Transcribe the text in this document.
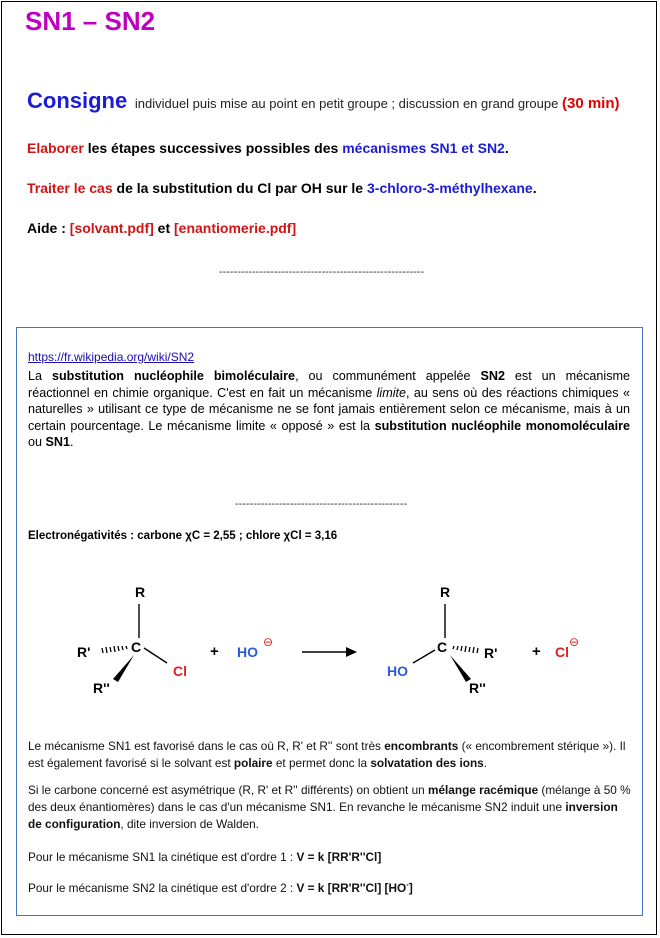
SN1 – SN2
Consigne individuel puis mise au point en petit groupe ; discussion en grand groupe (30 min)
Elaborer les étapes successives possibles des mécanismes SN1 et SN2.
Traiter le cas de la substitution du Cl par OH sur le 3-chloro-3-méthylhexane.
Aide : [solvant.pdf] et [enantiomerie.pdf]
--------------------------------------------------------
https://fr.wikipedia.org/wiki/SN2
La substitution nucléophile bimoléculaire, ou communément appelée SN2 est un mécanisme réactionnel en chimie organique. C'est en fait un mécanisme limite, au sens où des réactions chimiques « naturelles » utilisant ce type de mécanisme ne se font jamais entièrement selon ce mécanisme, mais à un certain pourcentage. Le mécanisme limite « opposé » est la substitution nucléophile monomoléculaire ou SN1.
-----------------------------------------------
Electronégativités : carbone χC = 2,55 ; chlore χCl = 3,16
R
C
Cl
R'
R''
+ HO
⊖
R
C
HO
R'
R''
+ Cl
⊖
Le mécanisme SN1 est favorisé dans le cas où R, R' et R'' sont très encombrants (« encombrement stérique »). Il est également favorisé si le solvant est polaire et permet donc la solvatation des ions.
Si le carbone concerné est asymétrique (R, R' et R'' différents) on obtient un mélange racémique (mélange à 50 % des deux énantiomères) dans le cas d'un mécanisme SN1. En revanche le mécanisme SN2 induit une inversion de configuration, dite inversion de Walden.
Pour le mécanisme SN1 la cinétique est d'ordre 1 : V = k [RR'R''Cl]
Pour le mécanisme SN2 la cinétique est d'ordre 2 : V = k [RR'R''Cl] [HO-]
